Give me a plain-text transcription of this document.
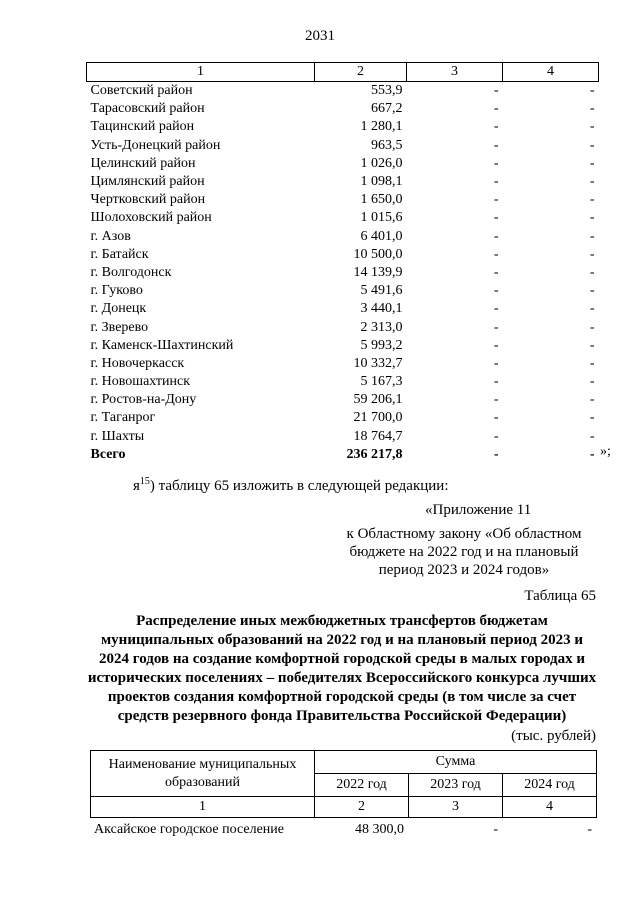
2031
1	2	3	4
Советский район	553,9	-	-
Тарасовский район	667,2	-	-
Тацинский район	1 280,1	-	-
Усть-Донецкий район	963,5	-	-
Целинский район	1 026,0	-	-
Цимлянский район	1 098,1	-	-
Чертковский район	1 650,0	-	-
Шолоховский район	1 015,6	-	-
г. Азов	6 401,0	-	-
г. Батайск	10 500,0	-	-
г. Волгодонск	14 139,9	-	-
г. Гуково	5 491,6	-	-
г. Донецк	3 440,1	-	-
г. Зверево	2 313,0	-	-
г. Каменск-Шахтинский	5 993,2	-	-
г. Новочеркасск	10 332,7	-	-
г. Новошахтинск	5 167,3	-	-
г. Ростов-на-Дону	59 206,1	-	-
г. Таганрог	21 700,0	-	-
г. Шахты	18 764,7	-	-
Всего	236 217,8	-	- »;
$я^{15}$) таблицу 65 изложить в следующей редакции:
«Приложение 11
к Областному закону «Об областном
бюджете на 2022 год и на плановый
период 2023 и 2024 годов»
Таблица 65
Распределение иных межбюджетных трансфертов бюджетам муниципальных образований на 2022 год и на плановый период 2023 и 2024 годов на создание комфортной городской среды в малых городах и исторических поселениях – победителях Всероссийского конкурса лучших проектов создания комфортной городской среды (в том числе за счет средств резервного фонда Правительства Российской Федерации)
(тыс. рублей)
Наименование муниципальных образований	Сумма		
	2022 год	2023 год	2024 год
1	2	3	4
Аксайское городское поселение	48 300,0	-	-
